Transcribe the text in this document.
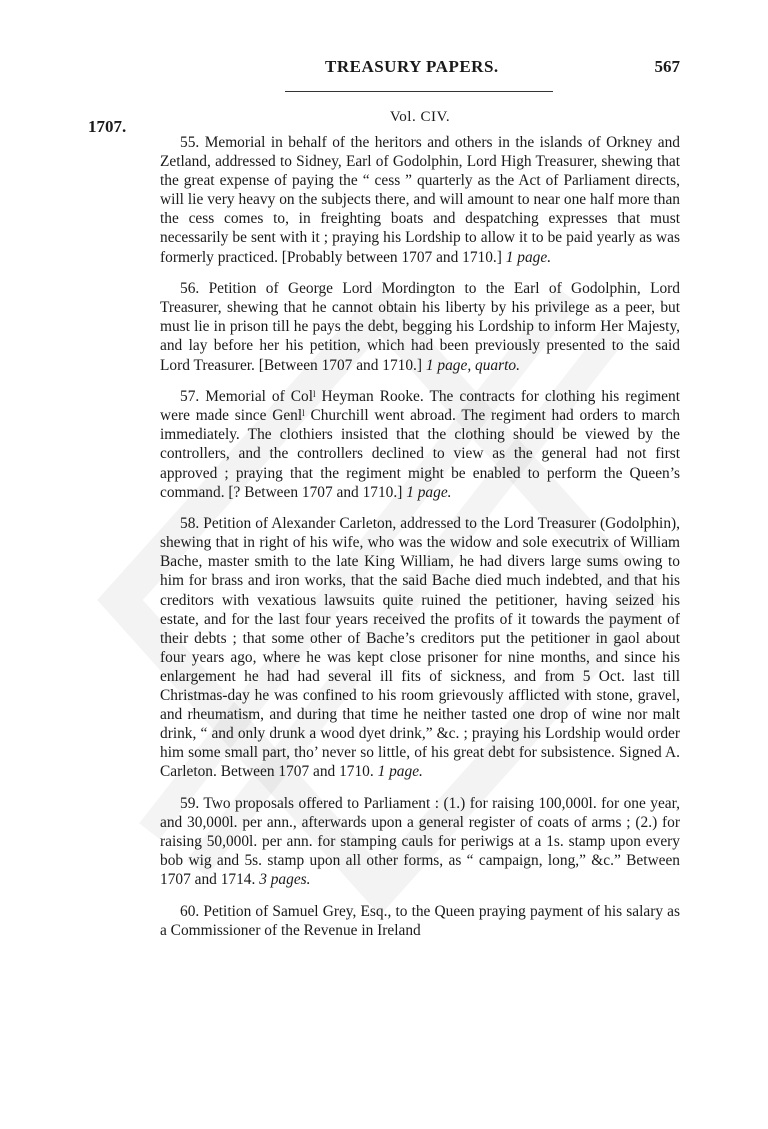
TREASURY PAPERS.	567
1707.	Vol. CIV.

55. Memorial in behalf of the heritors and others in the islands of Orkney and Zetland, addressed to Sidney, Earl of Godolphin, Lord High Treasurer, shewing that the great expense of paying the “ cess ” quarterly as the Act of Parliament directs, will lie very heavy on the subjects there, and will amount to near one half more than the cess comes to, in freighting boats and despatching expresses that must necessarily be sent with it ; praying his Lordship to allow it to be paid yearly as was formerly practiced. [Probably between 1707 and 1710.] 1 page.

56. Petition of George Lord Mordington to the Earl of Godolphin, Lord Treasurer, shewing that he cannot obtain his liberty by his privilege as a peer, but must lie in prison till he pays the debt, begging his Lordship to inform Her Majesty, and lay before her his petition, which had been previously presented to the said Lord Treasurer. [Between 1707 and 1710.] 1 page, quarto.

57. Memorial of Colˡ Heyman Rooke. The contracts for clothing his regiment were made since Genlˡ Churchill went abroad. The regiment had orders to march immediately. The clothiers insisted that the clothing should be viewed by the controllers, and the controllers declined to view as the general had not first approved ; praying that the regiment might be enabled to perform the Queen’s command. [? Between 1707 and 1710.] 1 page.

58. Petition of Alexander Carleton, addressed to the Lord Treasurer (Godolphin), shewing that in right of his wife, who was the widow and sole executrix of William Bache, master smith to the late King William, he had divers large sums owing to him for brass and iron works, that the said Bache died much indebted, and that his creditors with vexatious lawsuits quite ruined the petitioner, having seized his estate, and for the last four years received the profits of it towards the payment of their debts ; that some other of Bache’s creditors put the petitioner in gaol about four years ago, where he was kept close prisoner for nine months, and since his enlargement he had had several ill fits of sickness, and from 5 Oct. last till Christmas-day he was confined to his room grievously afflicted with stone, gravel, and rheumatism, and during that time he neither tasted one drop of wine nor malt drink, “ and only drunk a wood dyet drink,” &c. ; praying his Lordship would order him some small part, tho’ never so little, of his great debt for subsistence. Signed A. Carleton. Between 1707 and 1710. 1 page.

59. Two proposals offered to Parliament : (1.) for raising 100,000l. for one year, and 30,000l. per ann., afterwards upon a general register of coats of arms ; (2.) for raising 50,000l. per ann. for stamping cauls for periwigs at a 1s. stamp upon every bob wig and 5s. stamp upon all other forms, as “ campaign, long,” &c.” Between 1707 and 1714. 3 pages.

60. Petition of Samuel Grey, Esq., to the Queen praying payment of his salary as a Commissioner of the Revenue in Ireland
